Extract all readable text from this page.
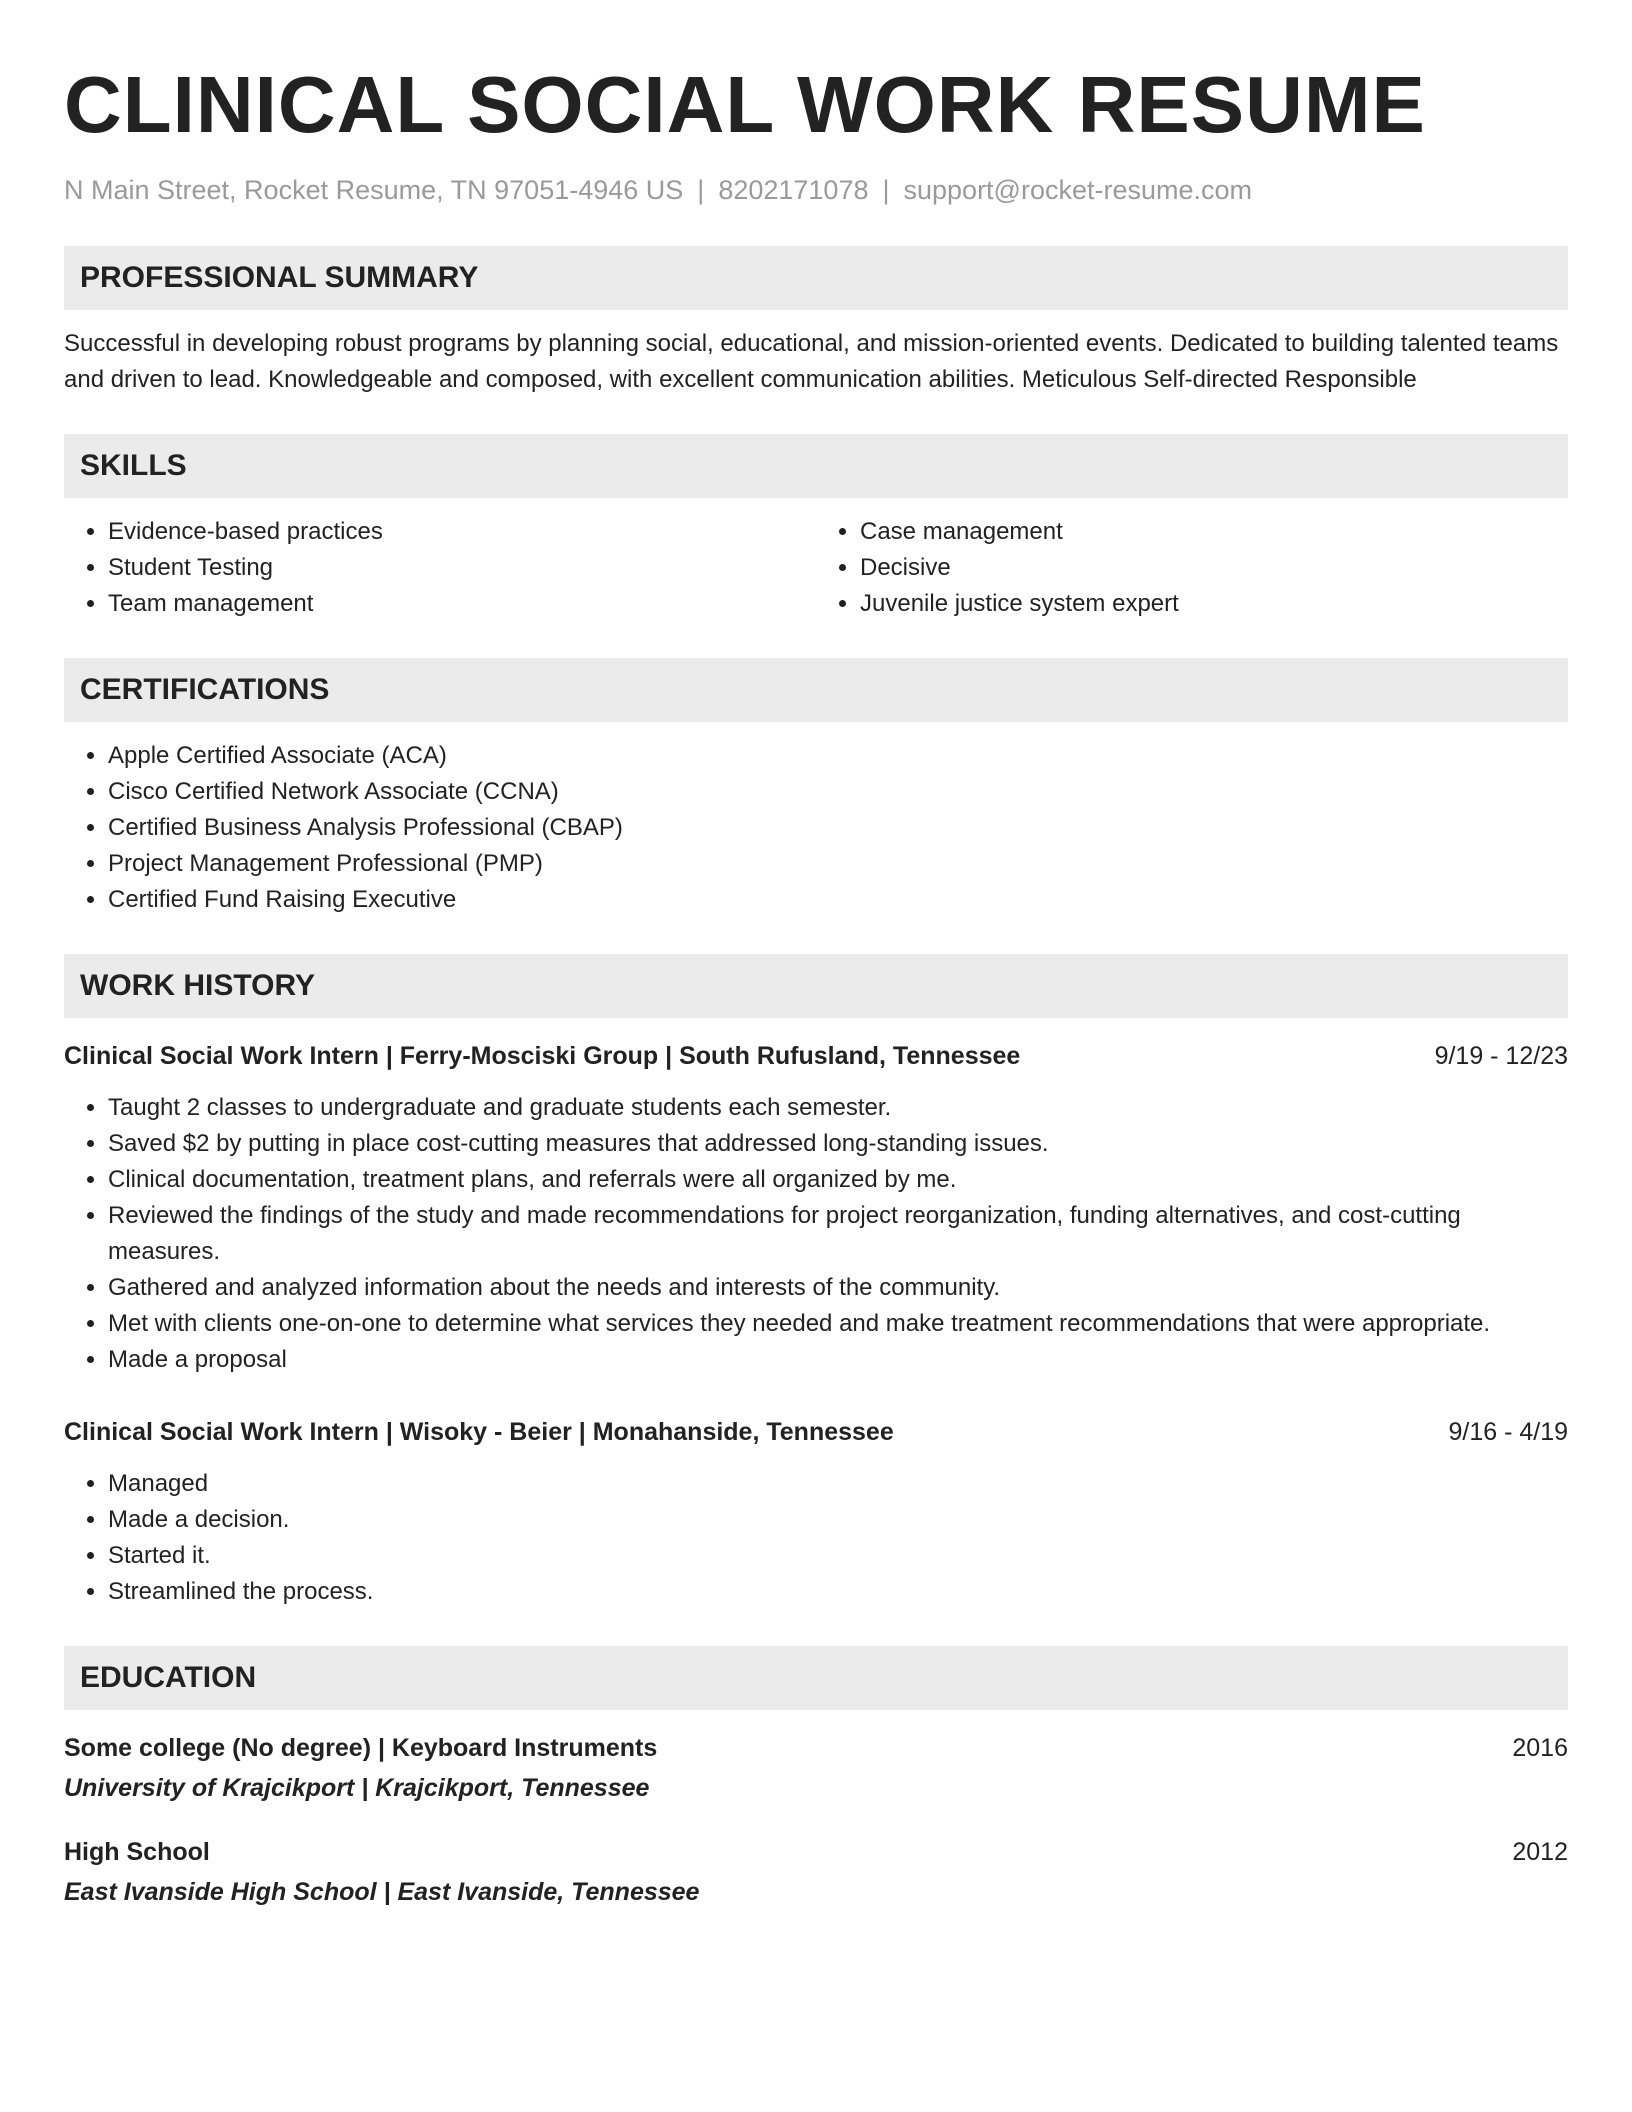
CLINICAL SOCIAL WORK RESUME
N Main Street, Rocket Resume, TN 97051-4946 US | 8202171078 | support@rocket-resume.com
PROFESSIONAL SUMMARY
Successful in developing robust programs by planning social, educational, and mission-oriented events. Dedicated to building talented teams and driven to lead. Knowledgeable and composed, with excellent communication abilities. Meticulous Self-directed Responsible
SKILLS
• Evidence-based practices
• Student Testing
• Team management
• Case management
• Decisive
• Juvenile justice system expert
CERTIFICATIONS
• Apple Certified Associate (ACA)
• Cisco Certified Network Associate (CCNA)
• Certified Business Analysis Professional (CBAP)
• Project Management Professional (PMP)
• Certified Fund Raising Executive
WORK HISTORY
Clinical Social Work Intern | Ferry-Mosciski Group | South Rufusland, Tennessee	9/19 - 12/23
• Taught 2 classes to undergraduate and graduate students each semester.
• Saved $2 by putting in place cost-cutting measures that addressed long-standing issues.
• Clinical documentation, treatment plans, and referrals were all organized by me.
• Reviewed the findings of the study and made recommendations for project reorganization, funding alternatives, and cost-cutting measures.
• Gathered and analyzed information about the needs and interests of the community.
• Met with clients one-on-one to determine what services they needed and make treatment recommendations that were appropriate.
• Made a proposal
Clinical Social Work Intern | Wisoky - Beier | Monahanside, Tennessee	9/16 - 4/19
• Managed
• Made a decision.
• Started it.
• Streamlined the process.
EDUCATION
Some college (No degree) | Keyboard Instruments	2016
University of Krajcikport | Krajcikport, Tennessee
High School	2012
East Ivanside High School | East Ivanside, Tennessee
